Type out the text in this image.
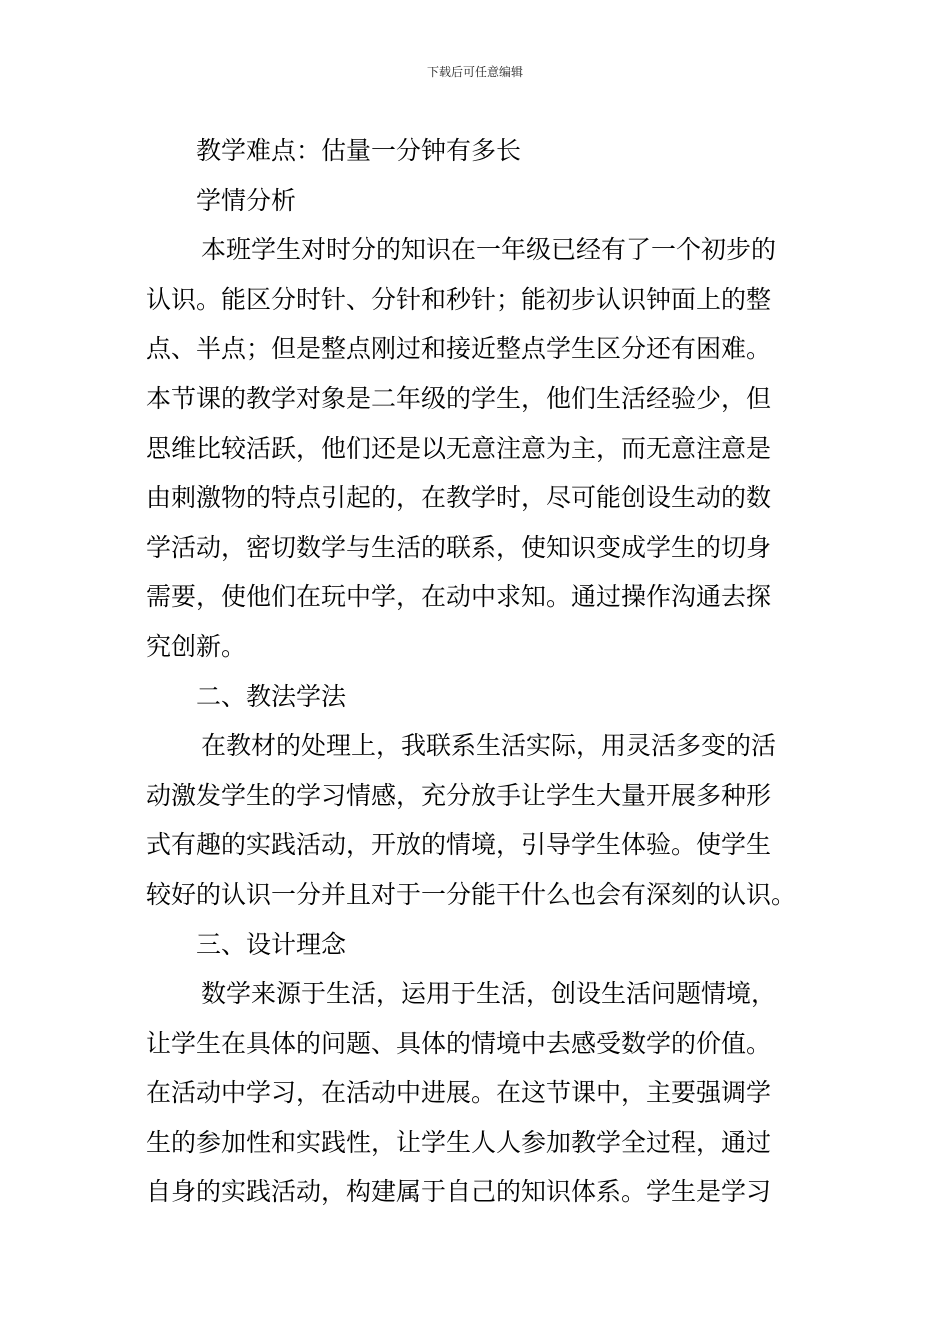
下载后可任意编辑
教学难点：估量一分钟有多长
学情分析
本班学生对时分的知识在一年级已经有了一个初步的
认识。能区分时针、分针和秒针；能初步认识钟面上的整
点、半点；但是整点刚过和接近整点学生区分还有困难。
本节课的教学对象是二年级的学生，他们生活经验少，但
思维比较活跃，他们还是以无意注意为主，而无意注意是
由刺激物的特点引起的，在教学时，尽可能创设生动的数
学活动，密切数学与生活的联系，使知识变成学生的切身
需要，使他们在玩中学，在动中求知。通过操作沟通去探
究创新。
二、教法学法
在教材的处理上，我联系生活实际，用灵活多变的活
动激发学生的学习情感，充分放手让学生大量开展多种形
式有趣的实践活动，开放的情境，引导学生体验。使学生
较好的认识一分并且对于一分能干什么也会有深刻的认识。
三、设计理念
数学来源于生活，运用于生活，创设生活问题情境，
让学生在具体的问题、具体的情境中去感受数学的价值。
在活动中学习，在活动中进展。在这节课中，主要强调学
生的参加性和实践性，让学生人人参加教学全过程，通过
自身的实践活动，构建属于自己的知识体系。学生是学习
